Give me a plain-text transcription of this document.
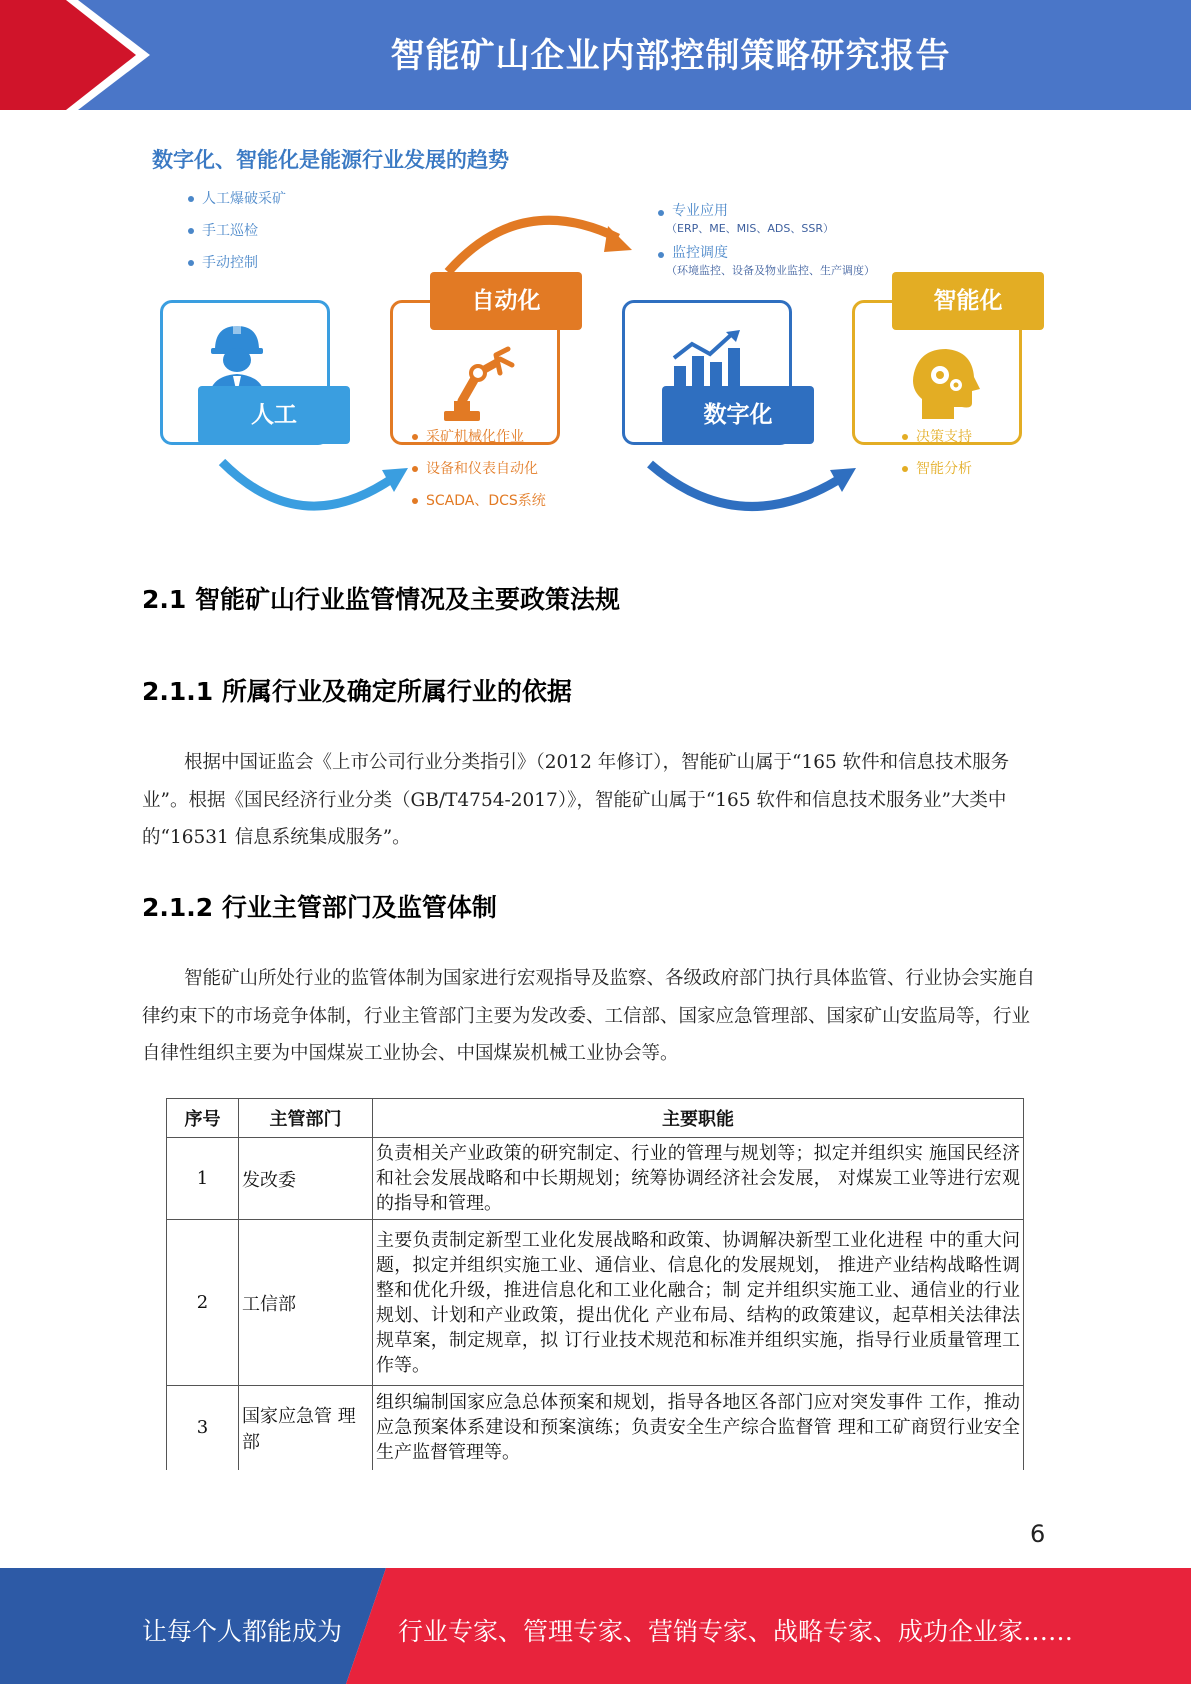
智能矿山企业内部控制策略研究报告
数字化、智能化是能源行业发展的趋势
人工爆破采矿
手工巡检
手动控制
人工
自动化
采矿机械化作业
设备和仪表自动化
SCADA、DCS系统
专业应用
（ERP、ME、MIS、ADS、SSR）
监控调度
（环境监控、设备及物业监控、生产调度）
数字化
智能化
决策支持
智能分析
2.1 智能矿山行业监管情况及主要政策法规
2.1.1 所属行业及确定所属行业的依据

根据中国证监会《上市公司行业分类指引》（2012 年修订），智能矿山属于“165 软件和信息技术服务业”。根据《国民经济行业分类（GB/T4754-2017）》，智能矿山属于“165 软件和信息技术服务业”大类中的“16531 信息系统集成服务”。

2.1.2 行业主管部门及监管体制

智能矿山所处行业的监管体制为国家进行宏观指导及监察、各级政府部门执行具体监管、行业协会实施自律约束下的市场竞争体制，行业主管部门主要为发改委、工信部、国家应急管理部、国家矿山安监局等，行业自律性组织主要为中国煤炭工业协会、中国煤炭机械工业协会等。

序号	主管部门	主要职能
1	发改委	负责相关产业政策的研究制定、行业的管理与规划等；拟定并组织实 施国民经济和社会发展战略和中长期规划；统筹协调经济社会发展， 对煤炭工业等进行宏观的指导和管理。
2	工信部	主要负责制定新型工业化发展战略和政策、协调解决新型工业化进程 中的重大问题，拟定并组织实施工业、通信业、信息化的发展规划， 推进产业结构战略性调整和优化升级，推进信息化和工业化融合；制 定并组织实施工业、通信业的行业规划、计划和产业政策，提出优化 产业布局、结构的政策建议，起草相关法律法规草案，制定规章，拟 订行业技术规范和标准并组织实施，指导行业质量管理工作等。
3	国家应急管 理部	组织编制国家应急总体预案和规划，指导各地区各部门应对突发事件 工作，推动应急预案体系建设和预案演练；负责安全生产综合监督管 理和工矿商贸行业安全生产监督管理等。
6
让每个人都能成为 行业专家、管理专家、营销专家、战略专家、成功企业家……
